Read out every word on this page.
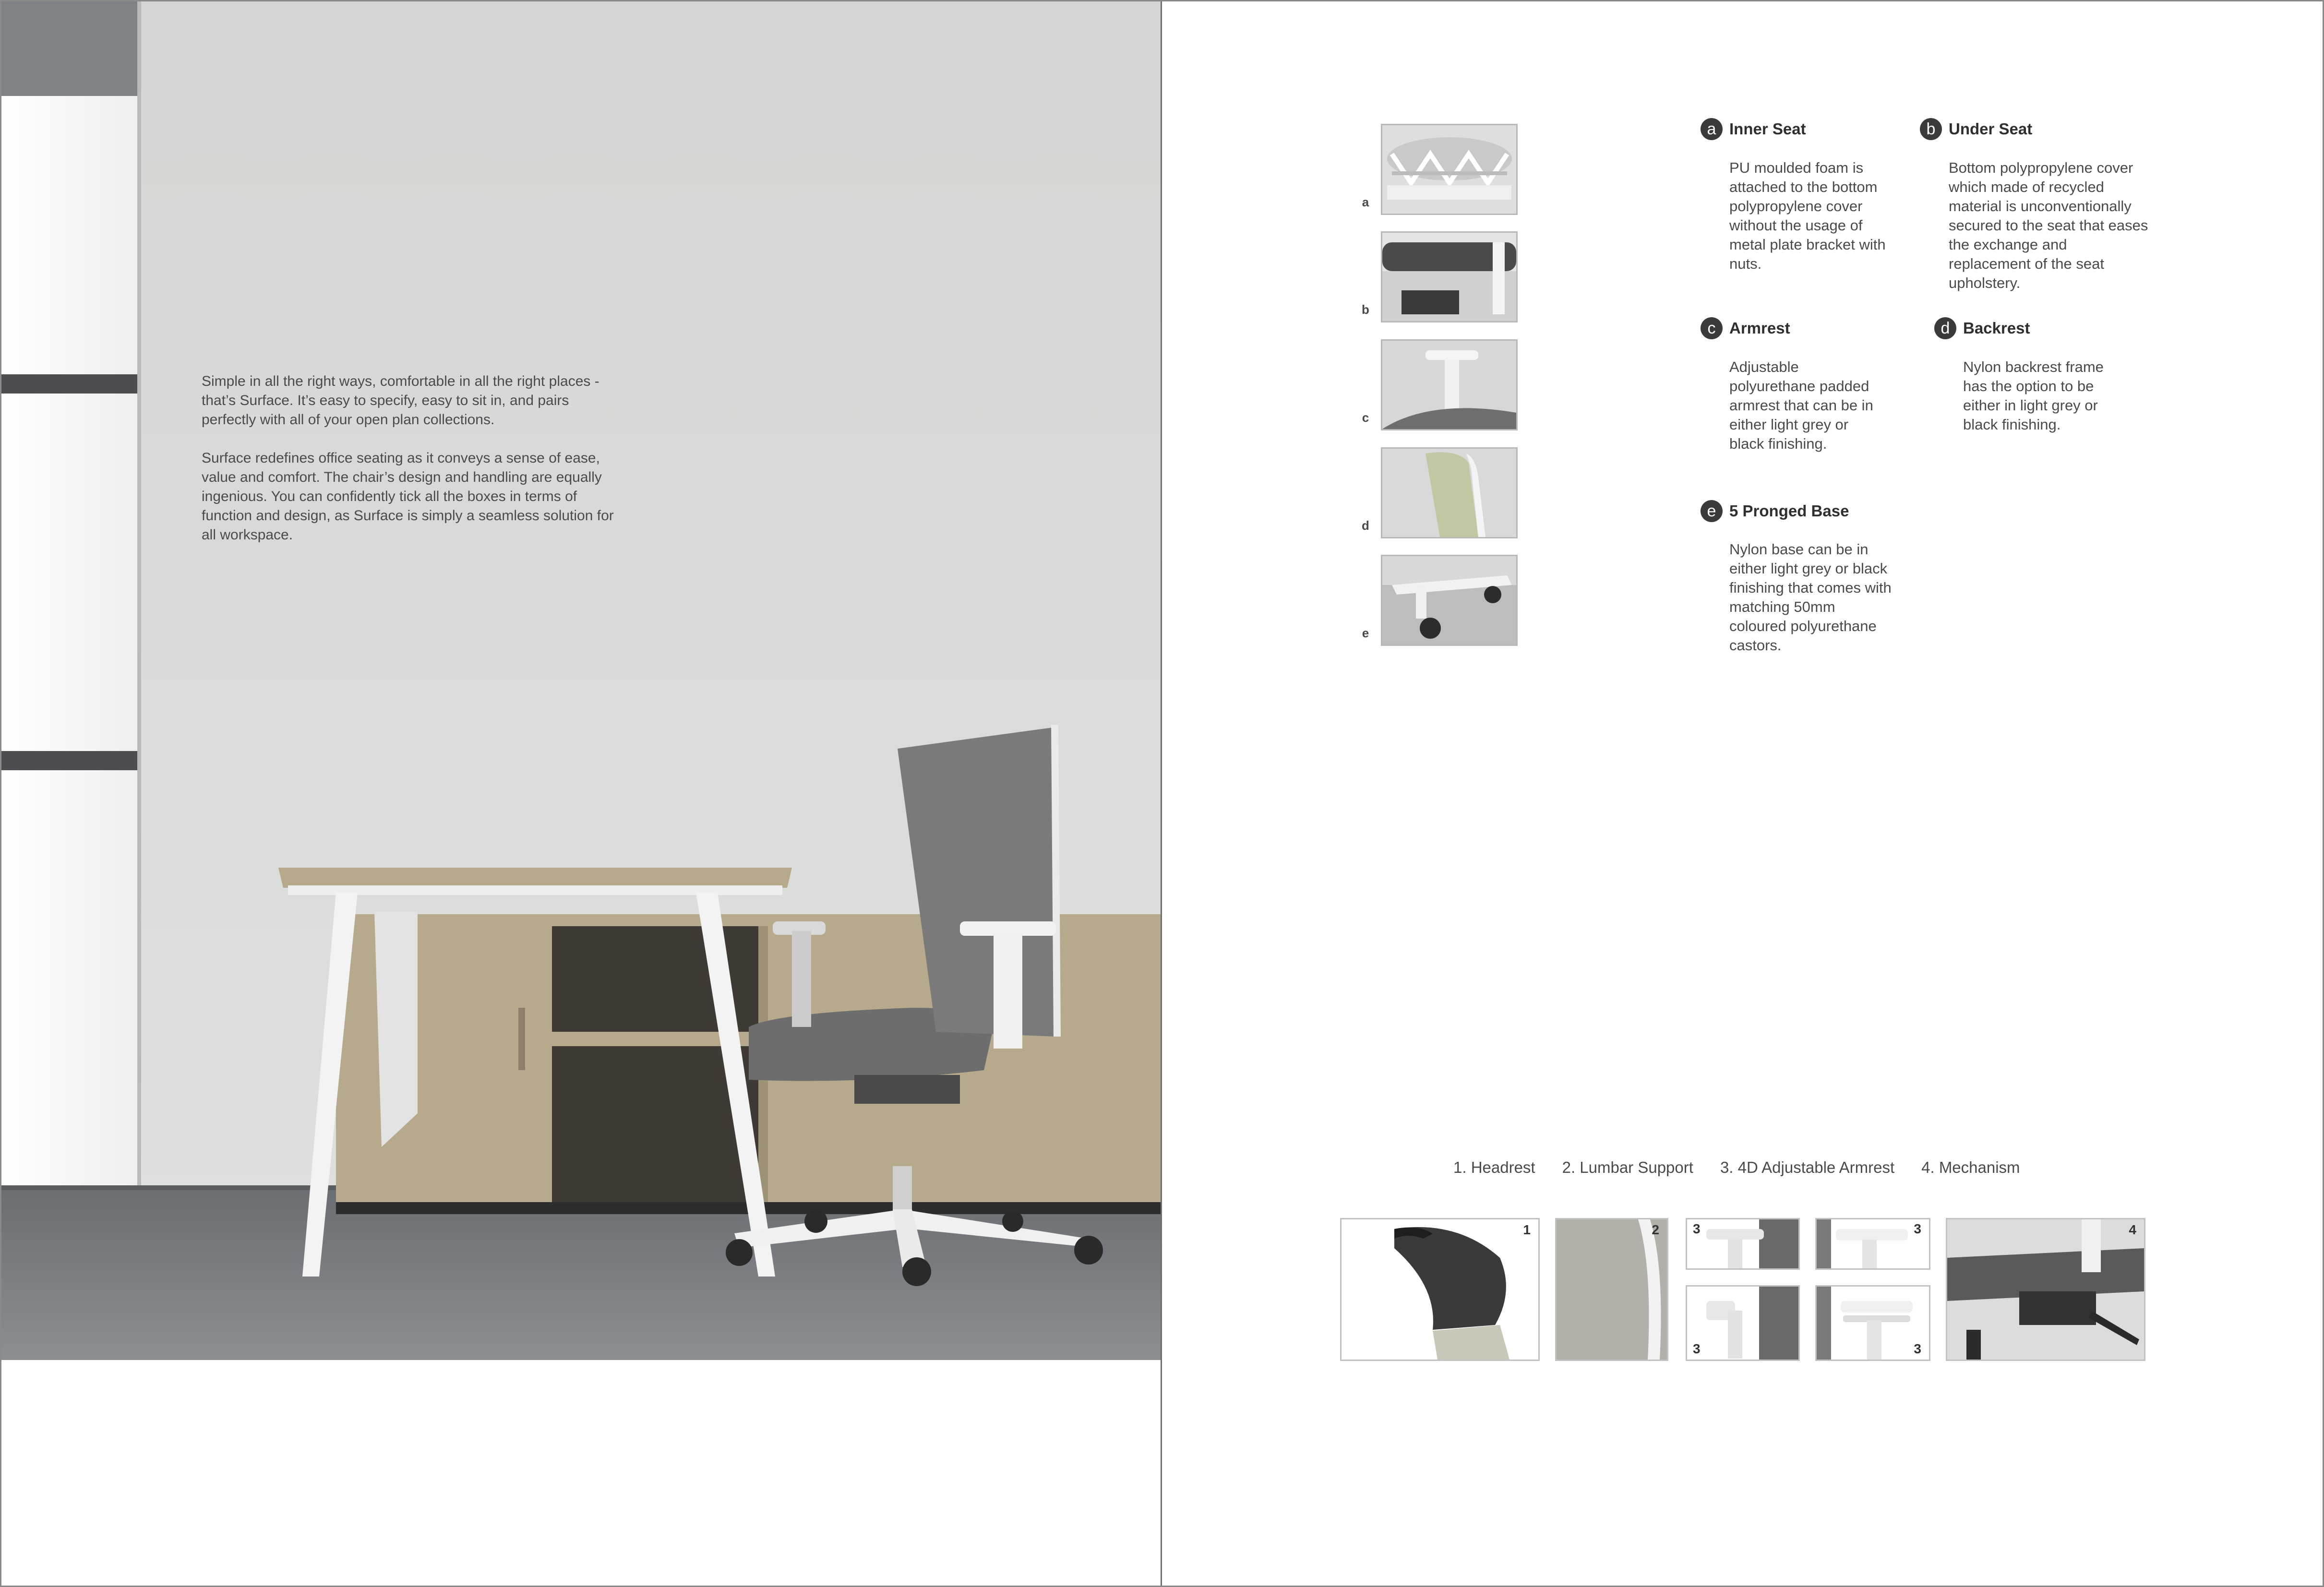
Simple in all the right ways, comfortable in all the right places - that’s Surface. It’s easy to specify, easy to sit in, and pairs perfectly with all of your open plan collections.

Surface redefines office seating as it conveys a sense of ease, value and comfort. The chair’s design and handling are equally ingenious. You can confidently tick all the boxes in terms of function and design, as Surface is simply a seamless solution for all workspace.

a
b
c
d
e
a Inner Seat

PU moulded foam is attached to the bottom polypropylene cover without the usage of metal plate bracket with nuts.

b Under Seat

Bottom polypropylene cover which made of recycled material is unconventionally secured to the seat that eases the exchange and replacement of the seat upholstery.

c Armrest

Adjustable polyurethane padded armrest that can be in either light grey or black finishing.

d Backrest

Nylon backrest frame has the option to be either in light grey or black finishing.

e 5 Pronged Base

Nylon base can be in either light grey or black finishing that comes with matching 50mm coloured polyurethane castors.

1. Headrest 2. Lumbar Support 3. 4D Adjustable Armrest 4. Mechanism
1	2	3
3
3
3
4
